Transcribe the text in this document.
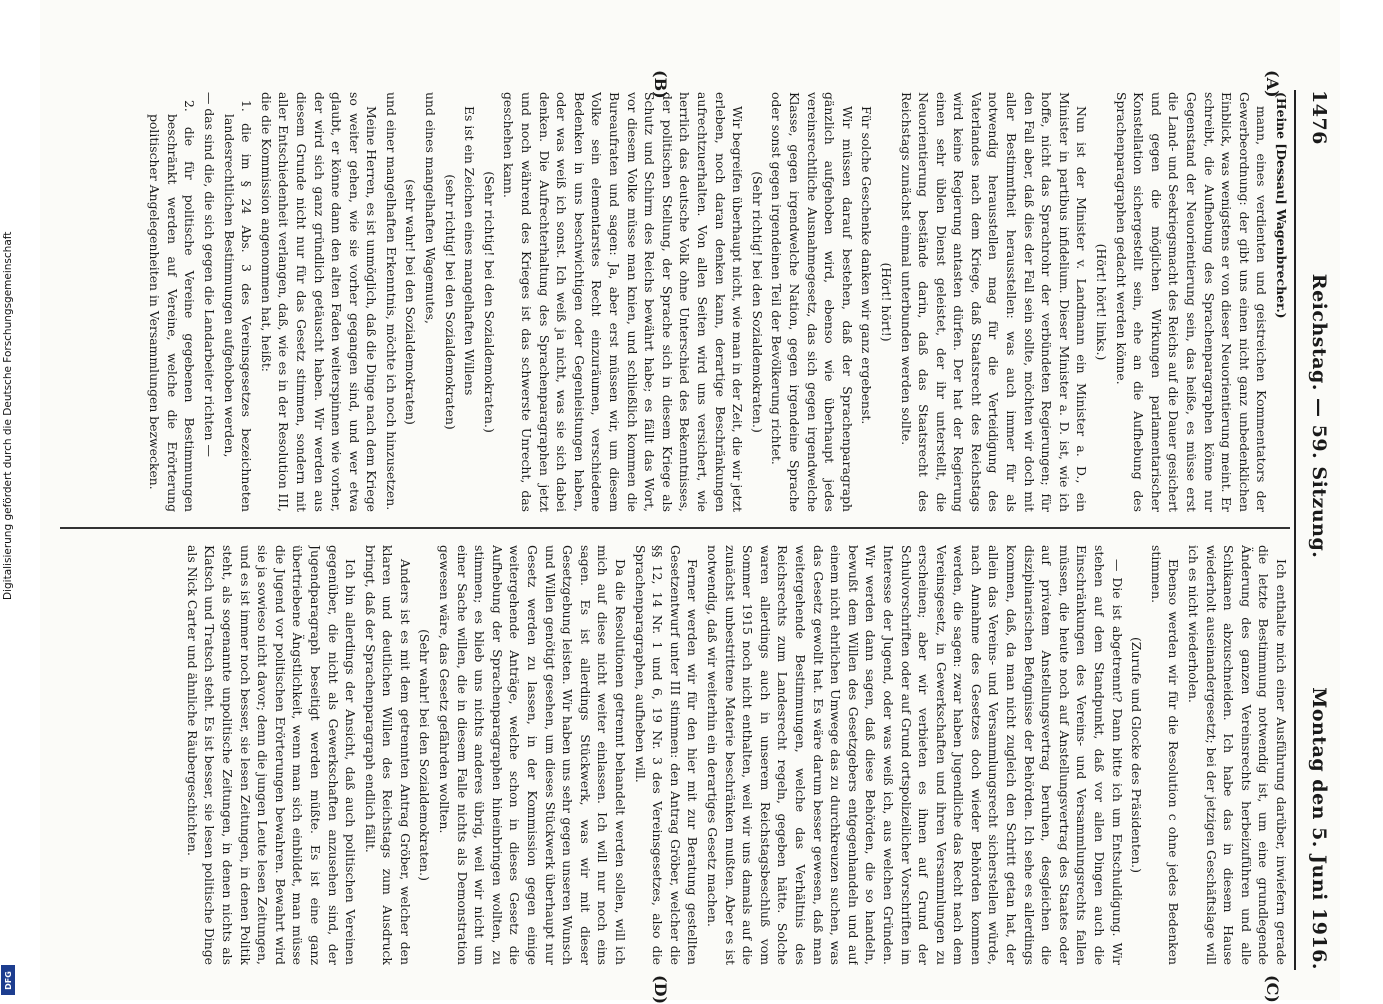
1476
Reichstag. — 59. Sitzung.
Montag den 5. Juni 1916.
(A)
(B)
(C)
(D)

(Heine [Dessau] Wagenbrecher.)

mann, eines verdienten und geistreichen Kommentators der Gewerbeordnung: der gibt uns einen nicht ganz unbedenklichen Einblick, was wenigstens er von dieser Neuorientierung meint. Er schreibt, die Aufhebung des Sprachenparagraphen könne nur Gegenstand der Neuorientierung sein, das heiße, es müsse erst die Land- und Seekriegsmacht des Reichs auf die Dauer gesichert und gegen die möglichen Wirkungen parlamentarischer Konstellation sichergestellt sein, ehe an die Aufhebung des Sprachenparagraphen gedacht werden könne.

(Hört! hört! links.)

Nun ist der Minister v. Landmann ein Minister a. D., ein Minister in partibus infidelium. Dieser Minister a. D. ist, wie ich hoffe, nicht das Sprachrohr der verbündeten Regierungen; für den Fall aber, daß dies der Fall sein sollte, möchten wir doch mit aller Bestimmtheit herausstellen: was auch immer für als notwendig herausstellen mag für die Verteidigung des Vaterlandes nach dem Kriege, daß Staatsrecht des Reichstags wird keine Regierung antasten dürfen. Der hat der Regierung einen sehr üblen Dienst geleistet, der ihr unterstellt, die Neuorientierung bestände darin, daß das Staatsrecht des Reichstags zunächst einmal unterbunden werden sollte.

(Hört! hört!)

Für solche Geschenke danken wir ganz ergebenst.

Wir müssen darauf bestehen, daß der Sprachenparagraph gänzlich aufgehoben wird, ebenso wie überhaupt jedes vereinsrechtliche Ausnahmegesetz, das sich gegen irgendwelche Klasse, gegen irgendwelche Nation, gegen irgendeine Sprache oder sonst gegen irgendeinen Teil der Bevölkerung richtet.

(Sehr richtig! bei den Sozialdemokraten.)

Wir begreifen überhaupt nicht, wie man in der Zeit, die wir jetzt erleben, noch daran denken kann, derartige Beschränkungen aufrechtzuerhalten. Von allen Seiten wird uns versichert, wie herrlich das deutsche Volk ohne Unterschied des Bekenntnisses, der politischen Stellung, der Sprache sich in diesem Kriege als Schutz und Schirm des Reichs bewährt habe; es fällt das Wort, vor diesem Volke müsse man knien, und schließlich kommen die Bureaufraten und sagen: Ja, aber erst müssen wir, um diesem Volke sein elementarstes Recht einzuräumen, verschiedene Bedenken in uns beschwichtigen oder Gegenleistungen haben, oder was weiß ich sonst. Ich weiß ja nicht, was sie sich dabei denken. Die Aufrechterhaltung des Sprachenparagraphen jetzt und noch während des Krieges ist das schwerste Unrecht, das geschehen kann.

(Sehr richtig! bei den Sozialdemokraten.)

Es ist ein Zeichen eines mangelhaften Willens

(sehr richtig! bei den Sozialdemokraten)

und eines mangelhaften Wagemutes,

(sehr wahr! bei den Sozialdemokraten)

und einer mangelhaften Erkenntnis, möchte ich noch hinzusetzen.

Meine Herren, es ist unmöglich, daß die Dinge nach dem Kriege so weiter gehen, wie sie vorher gegangen sind, und wer etwa glaubt, er könne dann den alten Faden weiterspinnen wie vorher, der wird sich ganz gründlich getäuscht haben. Wir werden aus diesem Grunde nicht nur für das Gesetz stimmen, sondern mit aller Entschiedenheit verlangen, daß, wie es in der Resolution III, die die Kommission angenommen hat, heißt:

1. die im § 24 Abs. 3 des Vereinsgesetzes bezeichneten landesrechtlichen Bestimmungen aufgehoben werden,

— das sind die, die sich gegen die Landarbeiter richten —

2. die für politische Vereine gegebenen Bestimmungen beschränkt werden auf Vereine, welche die Erörterung politischer Angelegenheiten in Versammlungen bezwecken.

Ich enthalte mich einer Ausführung darüber, inwiefern gerade die letzte Bestimmung notwendig ist, um eine grundlegende Änderung des ganzen Vereinsrechts herbeizuführen und alle Schikanen abzuschneiden. Ich habe das in diesem Hause wiederholt auseinandergesetzt; bei der jetzigen Geschäftslage will ich es nicht wiederholen.

Ebenso werden wir für die Resolution c ohne jedes Bedenken stimmen.

(Zurufe und Glocke des Präsidenten.)

— Die ist abgetrennt? Dann bitte ich um Entschuldigung. Wir stehen auf dem Standpunkt, daß vor allen Dingen auch die Einschränkungen des Vereins- und Versammlungsrechts fallen müssen, die heute noch auf Anstellungsvertrag des Staates oder auf privatem Anstellungsvertrag beruhen, desgleichen die disziplinarischen Befugnisse der Behörden. Ich sehe es allerdings kommen, daß, da man nicht zugleich den Schritt getan hat, der allein das Vereins- und Versammlungsrecht sicherstellen würde, nach Annahme des Gesetzes doch wieder Behörden kommen werden, die sagen: zwar haben Jugendliche das Recht nach dem Vereinsgesetz, in Gewerkschaften und ihren Versammlungen zu erscheinen; aber wir verbieten es ihnen auf Grund der Schulvorschriften oder auf Grund ortspolizeilicher Vorschriften im Interesse der Jugend, oder was weiß ich, aus welchen Gründen. Wir werden dann sagen, daß diese Behörden, die so handeln, bewußt dem Willen des Gesetzgebers entgegenhandeln und auf einem nicht ehrlichen Umwege das zu durchkreuzen suchen, was das Gesetz gewollt hat. Es wäre darum besser gewesen, daß man weitergehende Bestimmungen, welche das Verhältnis des Reichsrechts zum Landesrecht regeln, gegeben hätte. Solche waren allerdings auch in unserem Reichstagsbeschluß vom Sommer 1915 noch nicht enthalten, weil wir uns damals auf die zunächst unbestrittene Materie beschränken mußten. Aber es ist notwendig, daß wir weiterhin ein derartiges Gesetz machen.

Ferner werden wir für den hier mit zur Beratung gestellten Gesetzentwurf unter III stimmen: den Antrag Gröber, welcher die §§ 12, 14 Nr. 1 und 6, 19 Nr. 3 des Vereinsgesetzes, also die Sprachenparagraphen, aufheben will.

Da die Resolutionen getrennt behandelt werden sollen, will ich mich auf diese nicht weiter einlassen. Ich will nur noch eins sagen. Es ist allerdings Stückwerk, was wir mit dieser Gesetzgebung leisten. Wir haben uns sehr gegen unseren Wunsch und Willen genötigt gesehen, um dieses Stückwerk überhaupt nur Gesetz werden zu lassen, in der Kommission gegen einige weitergehende Anträge, welche schon in dieses Gesetz die Aufhebung der Sprachenparagraphen hineinbringen wollten, zu stimmen; es blieb uns nichts anderes übrig, weil wir nicht um einer Sache willen, die in diesem Falle nichts als Demonstration gewesen wäre, das Gesetz gefährden wollten.

(Sehr wahr! bei den Sozialdemokraten.)

Anders ist es mit dem getrennten Antrag Gröber, welcher den klaren und deutlichen Willen des Reichstags zum Ausdruck bringt, daß der Sprachenparagraph endlich fällt.

Ich bin allerdings der Ansicht, daß auch politischen Vereinen gegenüber, die nicht als Gewerkschaften anzusehen sind, der Jugendparagraph beseitigt werden müßte. Es ist eine ganz übertriebene Ängstlichkeit, wenn man sich einbildet, man müsse die Jugend vor politischen Erörterungen bewahren. Bewahrt wird sie ja sowieso nicht davor; denn die jungen Leute lesen Zeitungen, und es ist immer noch besser, sie lesen Zeitungen, in denen Politik steht, als sogenannte unpolitische Zeitungen, in denen nichts als Klatsch und Tratsch steht. Es ist besser, sie lesen politische Dinge als Nick Carter und ähnliche Räubergeschichten.

Digitalisierung gefördert durch die Deutsche Forschungsgemeinschaft
DFG
